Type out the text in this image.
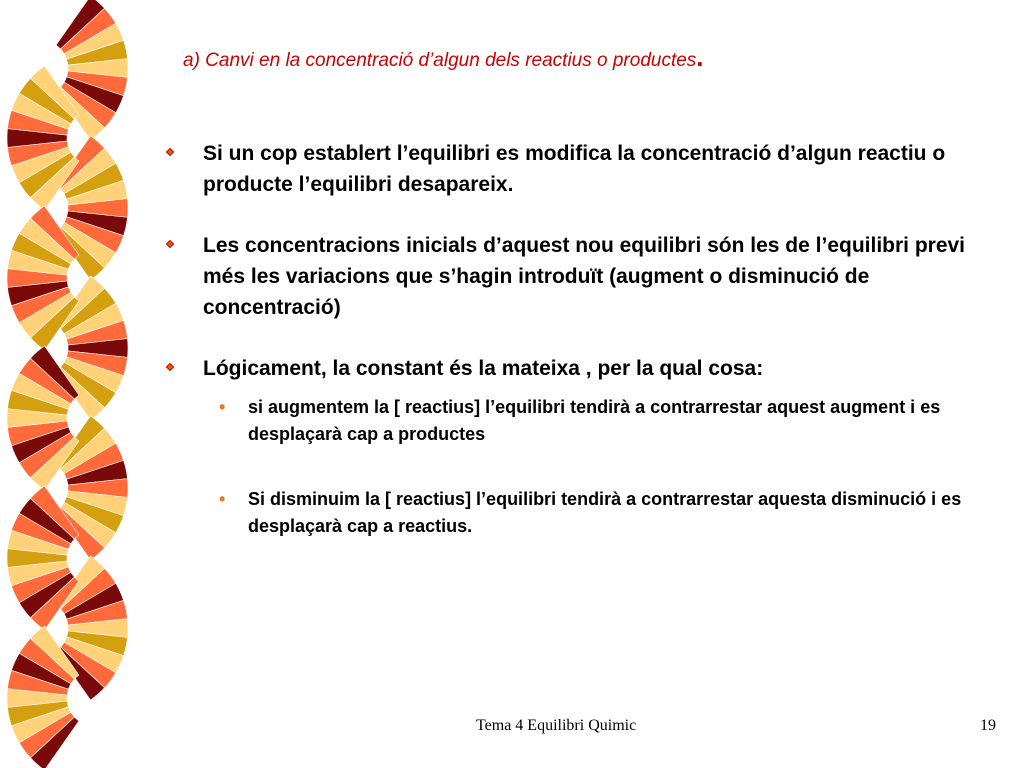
a) Canvi en la concentració d’algun dels reactius o productes.
Si un cop establert l’equilibri es modifica la concentració d’algun reactiu o producte l’equilibri desapareix.
Les concentracions inicials d’aquest nou equilibri són les de l’equilibri previ més les variacions que s’hagin introduït (augment o disminució de concentració)
Lógicament, la constant és la mateixa , per la qual cosa:
• si augmentem la [ reactius] l’equilibri tendirà a contrarrestar aquest augment i es desplaçarà cap a productes
• Si disminuim la [ reactius] l’equilibri tendirà a contrarrestar aquesta disminució i es desplaçarà cap a reactius.
Tema 4 Equilibri Quimic	19
